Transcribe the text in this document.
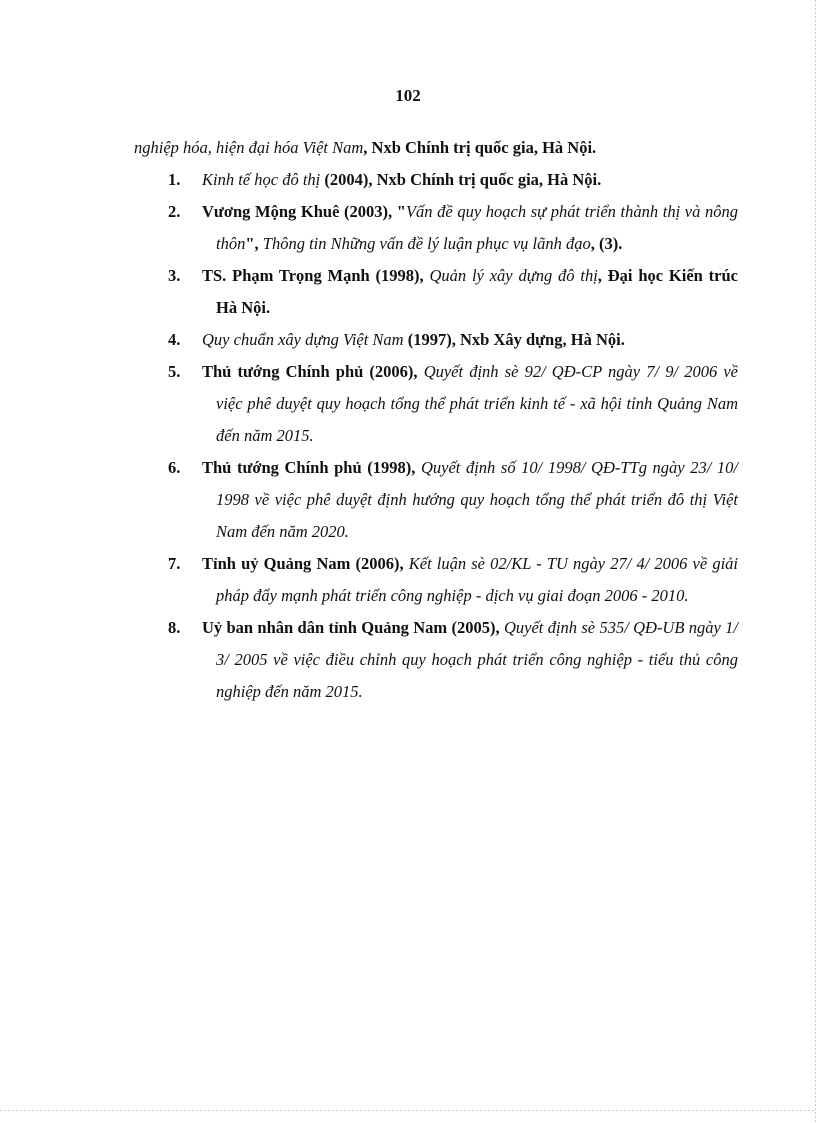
102

nghiệp hóa, hiện đại hóa Việt Nam, Nxb Chính trị quốc gia, Hà Nội.

1. Kinh tế học đô thị (2004), Nxb Chính trị quốc gia, Hà Nội.

2. Vương Mộng Khuê (2003), "Vấn đề quy hoạch sự phát triển thành thị và nông thôn", Thông tin Những vấn đề lý luận phục vụ lãnh đạo, (3).

3. TS. Phạm Trọng Mạnh (1998), Quản lý xây dựng đô thị, Đại học Kiến trúc Hà Nội.

4. Quy chuẩn xây dựng Việt Nam (1997), Nxb Xây dựng, Hà Nội.

5. Thủ tướng Chính phủ (2006), Quyết định sè 92/ QĐ-CP ngày 7/ 9/ 2006 về việc phê duyệt quy hoạch tổng thể phát triển kinh tế - xã hội tỉnh Quảng Nam đến năm 2015.

6. Thủ tướng Chính phủ (1998), Quyết định số 10/ 1998/ QĐ-TTg ngày 23/ 10/ 1998 về việc phê duyệt định hướng quy hoạch tổng thể phát triển đô thị Việt Nam đến năm 2020.

7. Tỉnh uỷ Quảng Nam (2006), Kết luận sè 02/KL - TU ngày 27/ 4/ 2006 về giải pháp đẩy mạnh phát triển công nghiệp - dịch vụ giai đoạn 2006 - 2010.

8. Uỷ ban nhân dân tỉnh Quảng Nam (2005), Quyết định sè 535/ QĐ-UB ngày 1/ 3/ 2005 về việc điều chỉnh quy hoạch phát triển công nghiệp - tiểu thủ công nghiệp đến năm 2015.
